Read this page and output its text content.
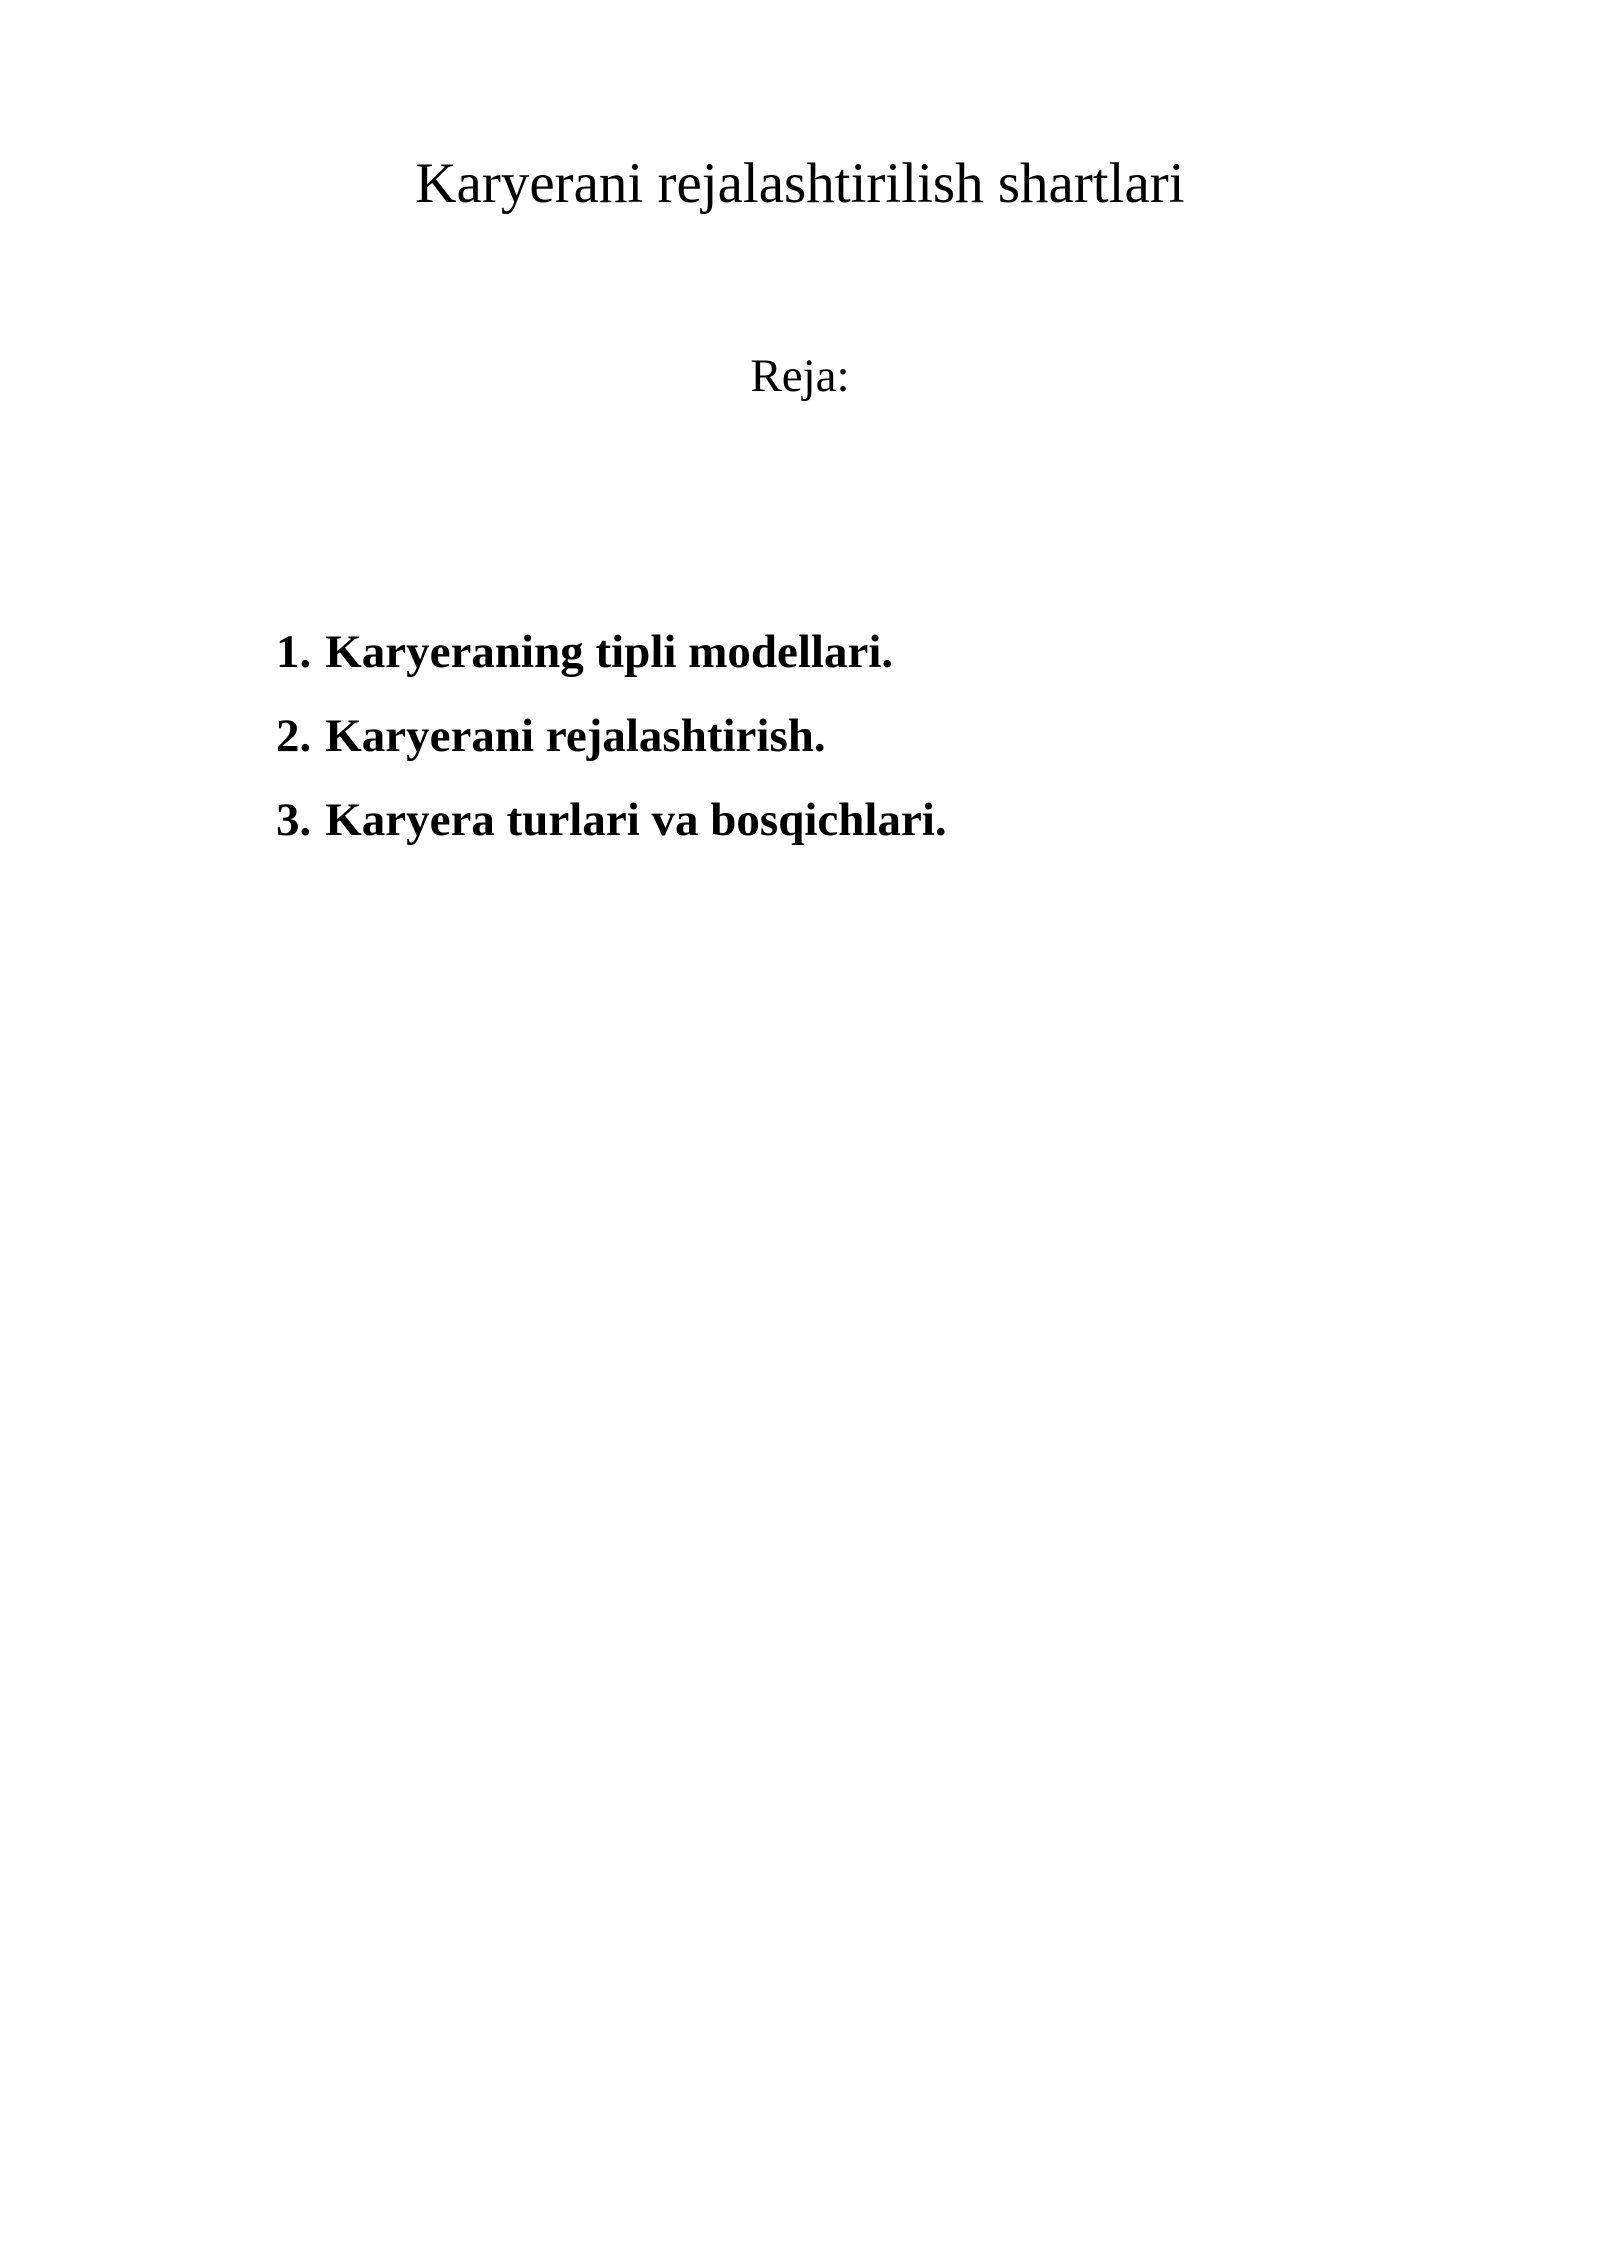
Karyerani rejalashtirilish shartlari
Reja:
1. Karyeraning tipli modellari.
2. Karyerani rejalashtirish.
3. Karyera turlari va bosqichlari.
